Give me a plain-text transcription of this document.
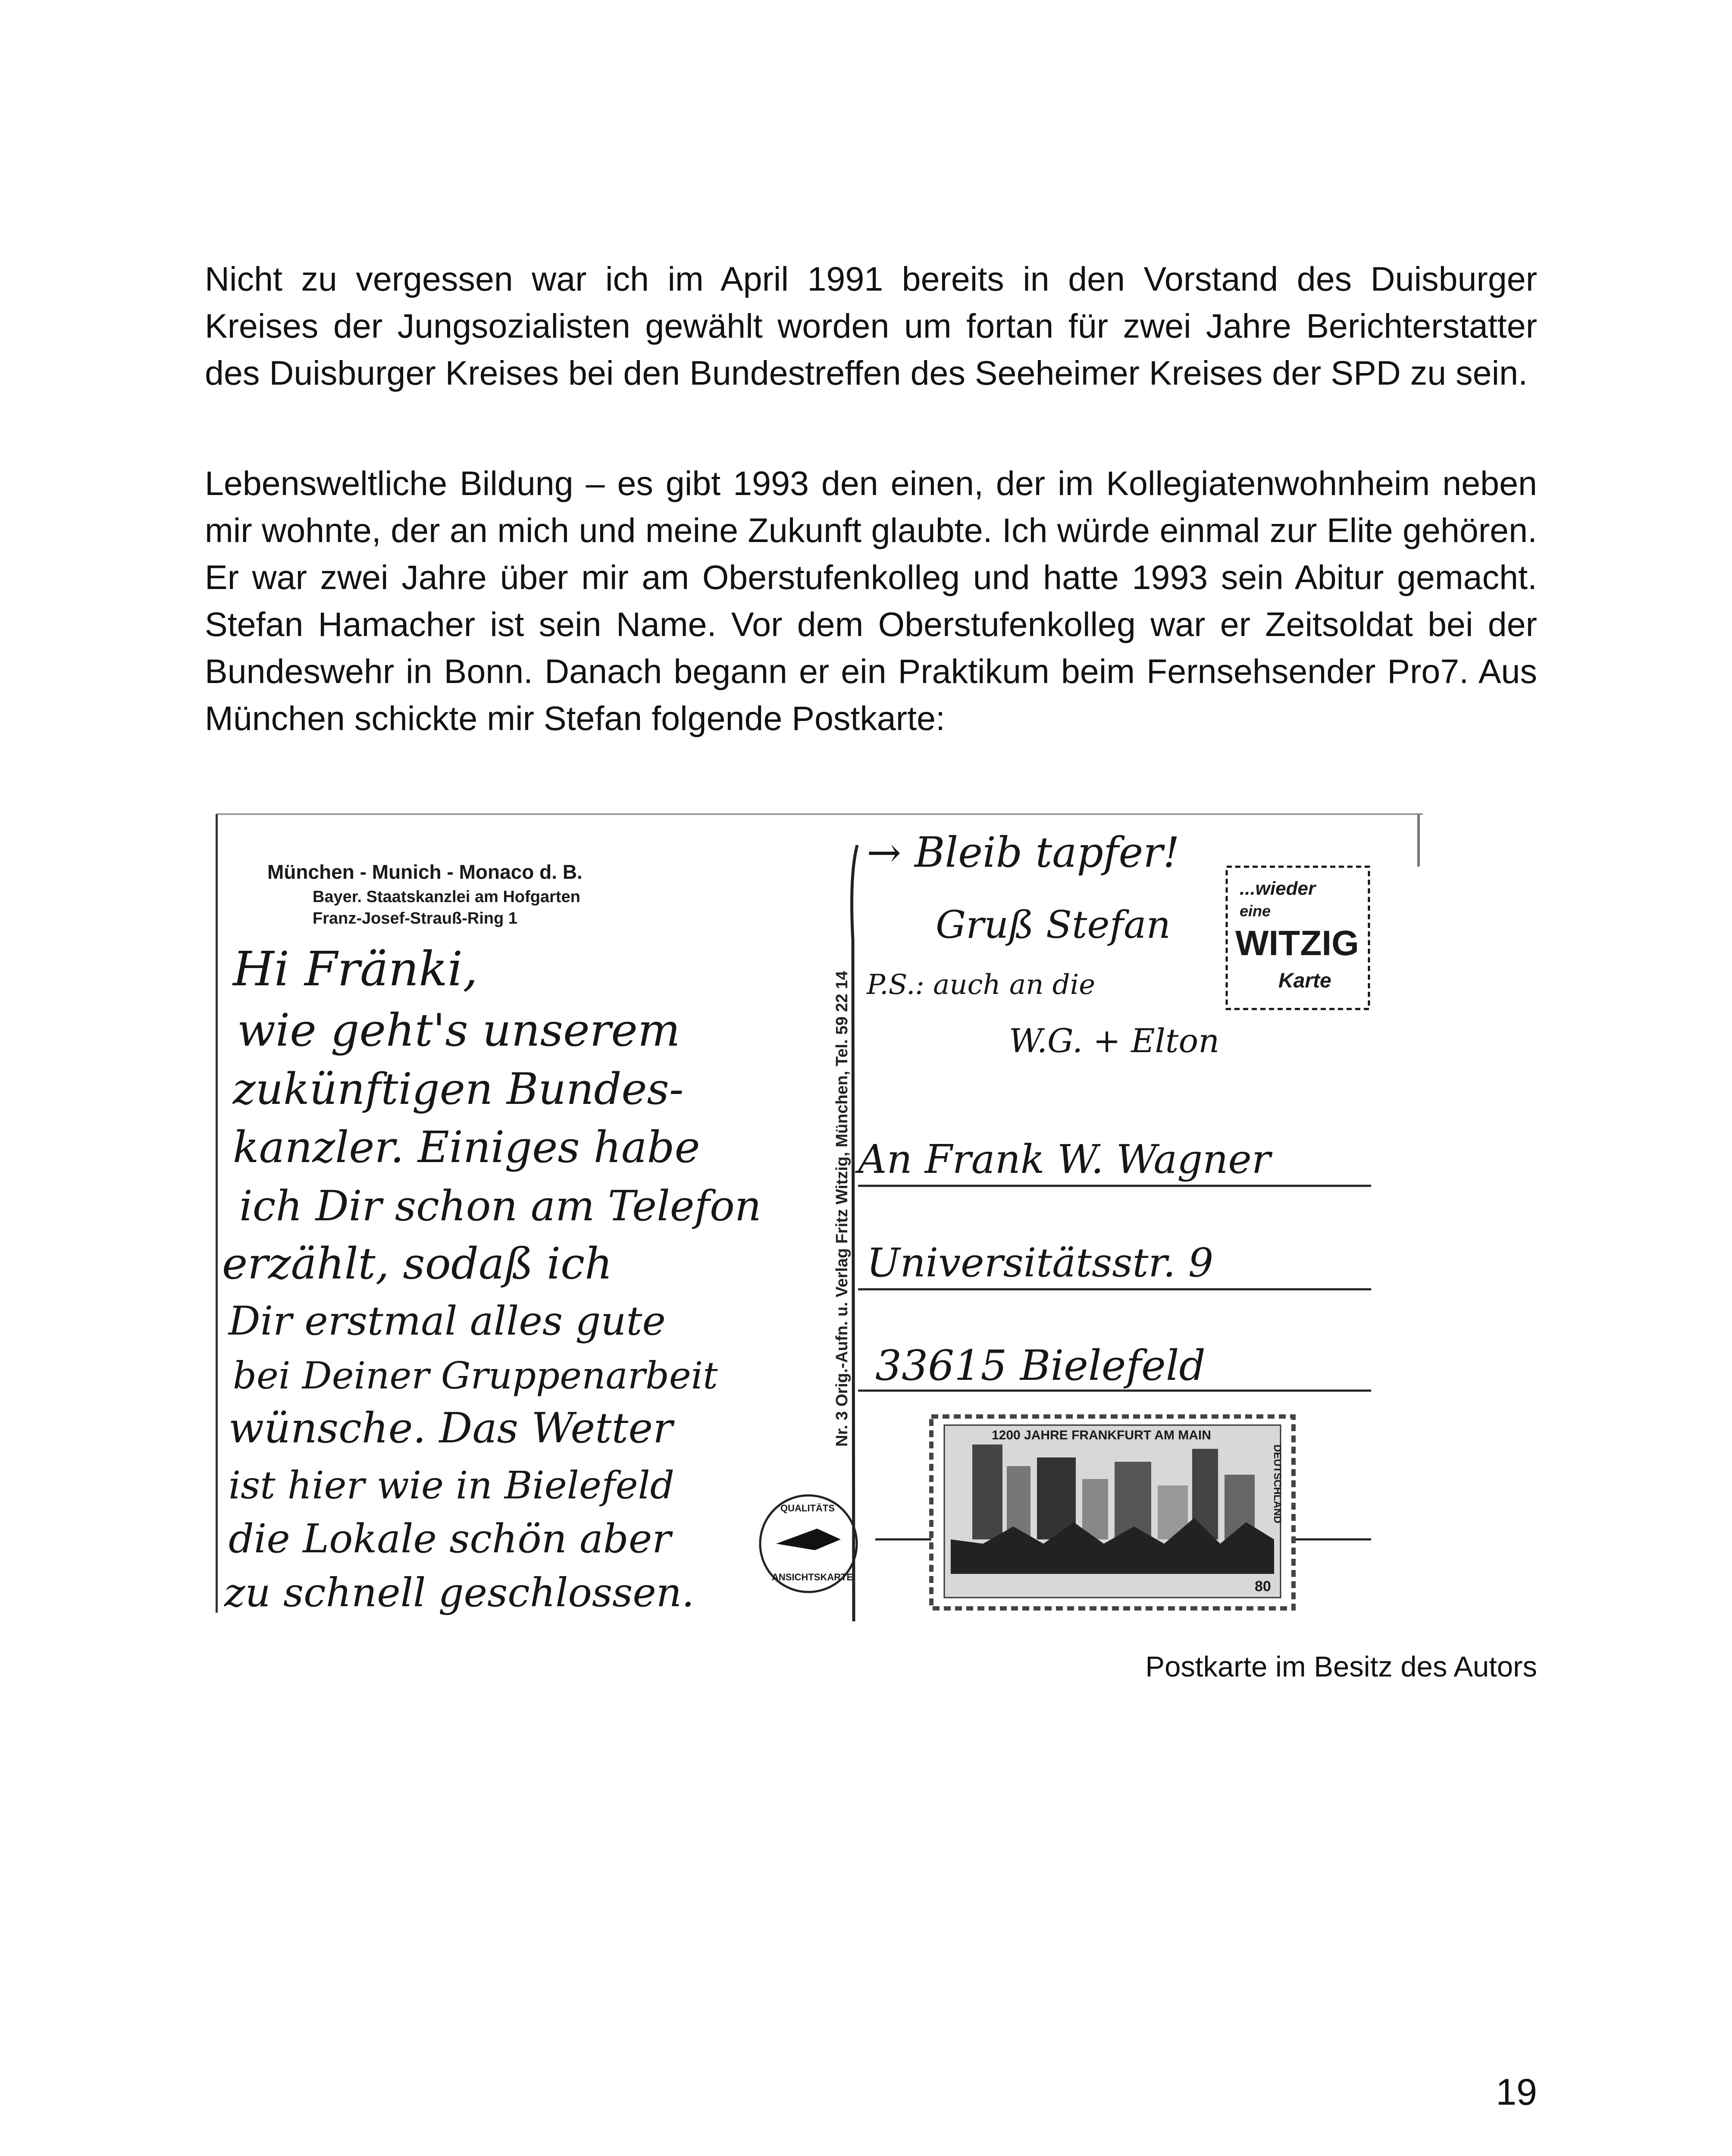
Nicht zu vergessen war ich im April 1991 bereits in den Vorstand des Duisburger Kreises der Jungsozialisten gewählt worden um fortan für zwei Jahre Berichterstatter des Duisburger Kreises bei den Bundestreffen des Seeheimer Kreises der SPD zu sein.

Lebensweltliche Bildung – es gibt 1993 den einen, der im Kollegiatenwohnheim neben mir wohnte, der an mich und meine Zukunft glaubte. Ich würde einmal zur Elite gehören. Er war zwei Jahre über mir am Oberstufenkolleg und hatte 1993 sein Abitur gemacht. Stefan Hamacher ist sein Name. Vor dem Oberstufenkolleg war er Zeitsoldat bei der Bundeswehr in Bonn. Danach begann er ein Praktikum beim Fernsehsender Pro7. Aus München schickte mir Stefan folgende Postkarte:

München - Munich - Monaco d. B.
Bayer. Staatskanzlei am Hofgarten
Franz-Josef-Strauß-Ring 1
Hi Fränki,
wie geht's unserem
zukünftigen Bundes-
kanzler. Einiges habe
ich Dir schon am Telefon
erzählt, sodaß ich
Dir erstmal alles gute
bei Deiner Gruppenarbeit
wünsche. Das Wetter
ist hier wie in Bielefeld
die Lokale schön aber
zu schnell geschlossen.
Nr. 3 Orig.-Aufn. u. Verlag Fritz Witzig, München, Tel. 59 22 14
QUALITÄTS
ANSICHTSKARTE
...wieder
eine
WITZIG
Karte
→ Bleib tapfer!
Gruß Stefan
P.S.: auch an die
W.G. + Elton
An Frank W. Wagner
Universitätsstr. 9
33615 Bielefeld
1200 JAHRE FRANKFURT AM MAIN
DEUTSCHLAND
80
Postkarte im Besitz des Autors
19
